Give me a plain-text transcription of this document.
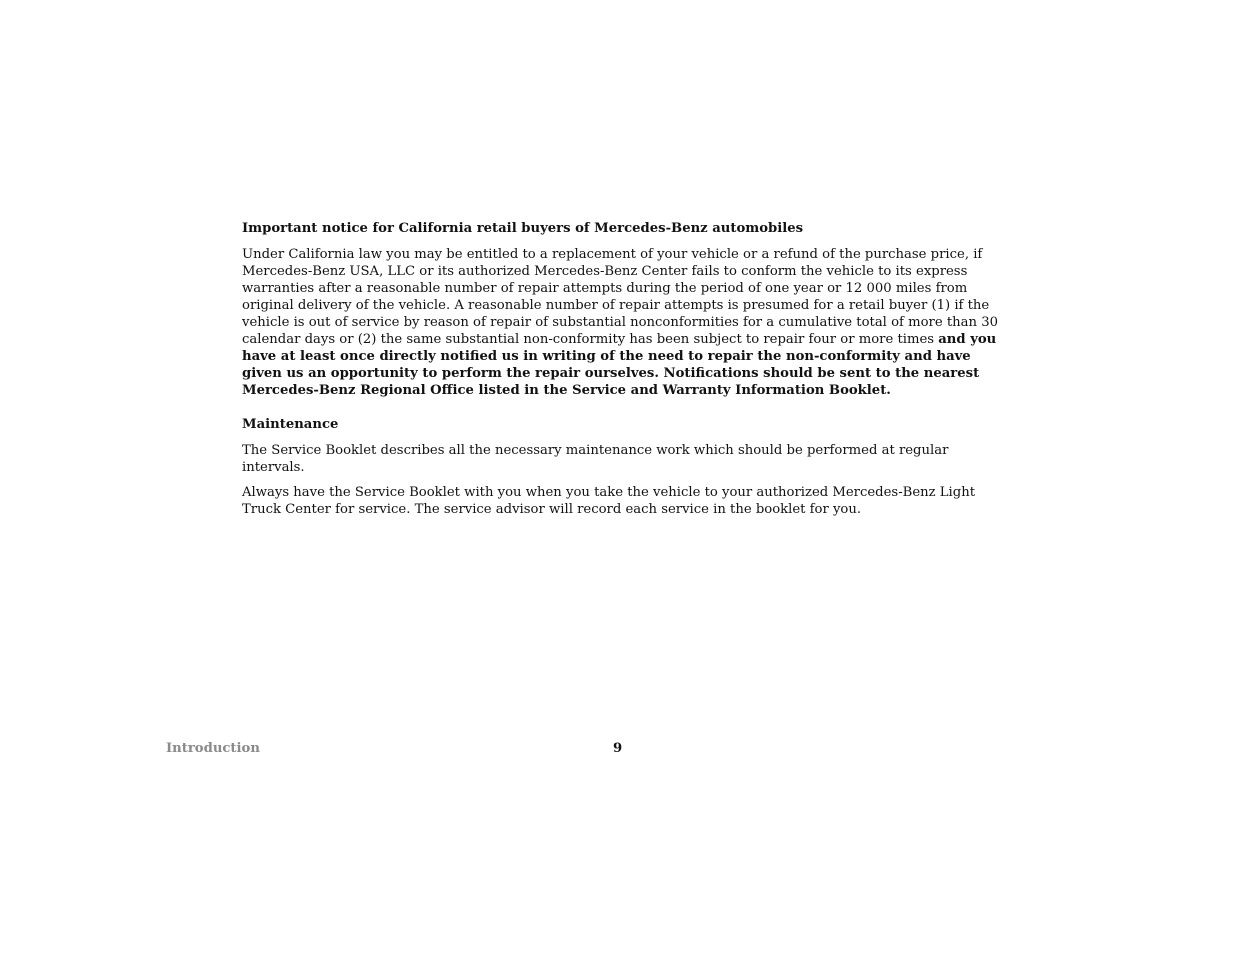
Important notice for California retail buyers of Mercedes-Benz automobiles
Under California law you may be entitled to a replacement of your vehicle or a refund of the purchase price, if Mercedes-Benz USA, LLC or its authorized Mercedes-Benz Center fails to conform the vehicle to its express warranties after a reasonable number of repair attempts during the period of one year or 12 000 miles from original delivery of the vehicle. A reasonable number of repair attempts is presumed for a retail buyer (1) if the vehicle is out of service by reason of repair of substantial nonconformities for a cumulative total of more than 30 calendar days or (2) the same substantial non-conformity has been subject to repair four or more times and you have at least once directly notified us in writing of the need to repair the non-conformity and have given us an opportunity to perform the repair ourselves. Notifications should be sent to the nearest Mercedes-Benz Regional Office listed in the Service and Warranty Information Booklet.
Maintenance
The Service Booklet describes all the necessary maintenance work which should be performed at regular intervals.
Always have the Service Booklet with you when you take the vehicle to your authorized Mercedes-Benz Light Truck Center for service. The service advisor will record each service in the booklet for you.
Introduction	9
